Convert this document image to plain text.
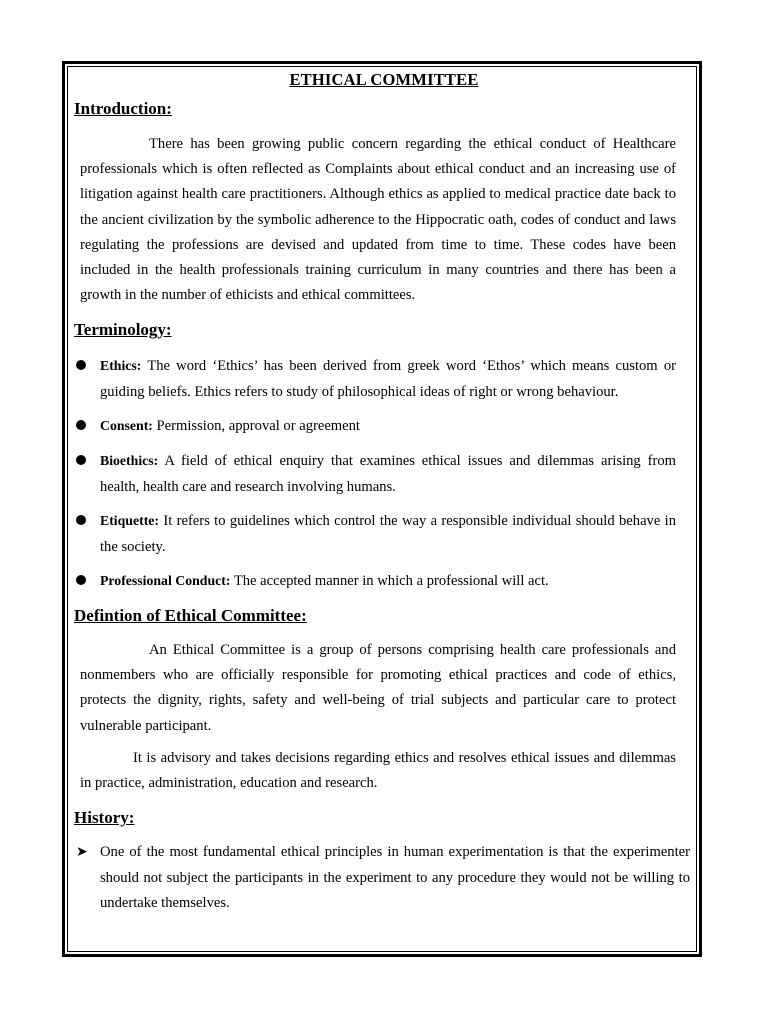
ETHICAL COMMITTEE
Introduction:
There has been growing public concern regarding the ethical conduct of Healthcare professionals which is often reflected as Complaints about ethical conduct and an increasing use of litigation against health care practitioners. Although ethics as applied to medical practice date back to the ancient civilization by the symbolic adherence to the Hippocratic oath, codes of conduct and laws regulating the professions are devised and updated from time to time. These codes have been included in the health professionals training curriculum in many countries and there has been a growth in the number of ethicists and ethical committees.
Terminology:
Ethics: The word ‘Ethics’ has been derived from greek word ‘Ethos’ which means custom or guiding beliefs. Ethics refers to study of philosophical ideas of right or wrong behaviour.
Consent: Permission, approval or agreement
Bioethics: A field of ethical enquiry that examines ethical issues and dilemmas arising from health, health care and research involving humans.
Etiquette: It refers to guidelines which control the way a responsible individual should behave in the society.
Professional Conduct: The accepted manner in which a professional will act.
Defintion of Ethical Committee:
An Ethical Committee is a group of persons comprising health care professionals and nonmembers who are officially responsible for promoting ethical practices and code of ethics, protects the dignity, rights, safety and well-being of trial subjects and particular care to protect vulnerable participant.
It is advisory and takes decisions regarding ethics and resolves ethical issues and dilemmas in practice, administration, education and research.
History:
➤ One of the most fundamental ethical principles in human experimentation is that the experimenter should not subject the participants in the experiment to any procedure they would not be willing to undertake themselves.
